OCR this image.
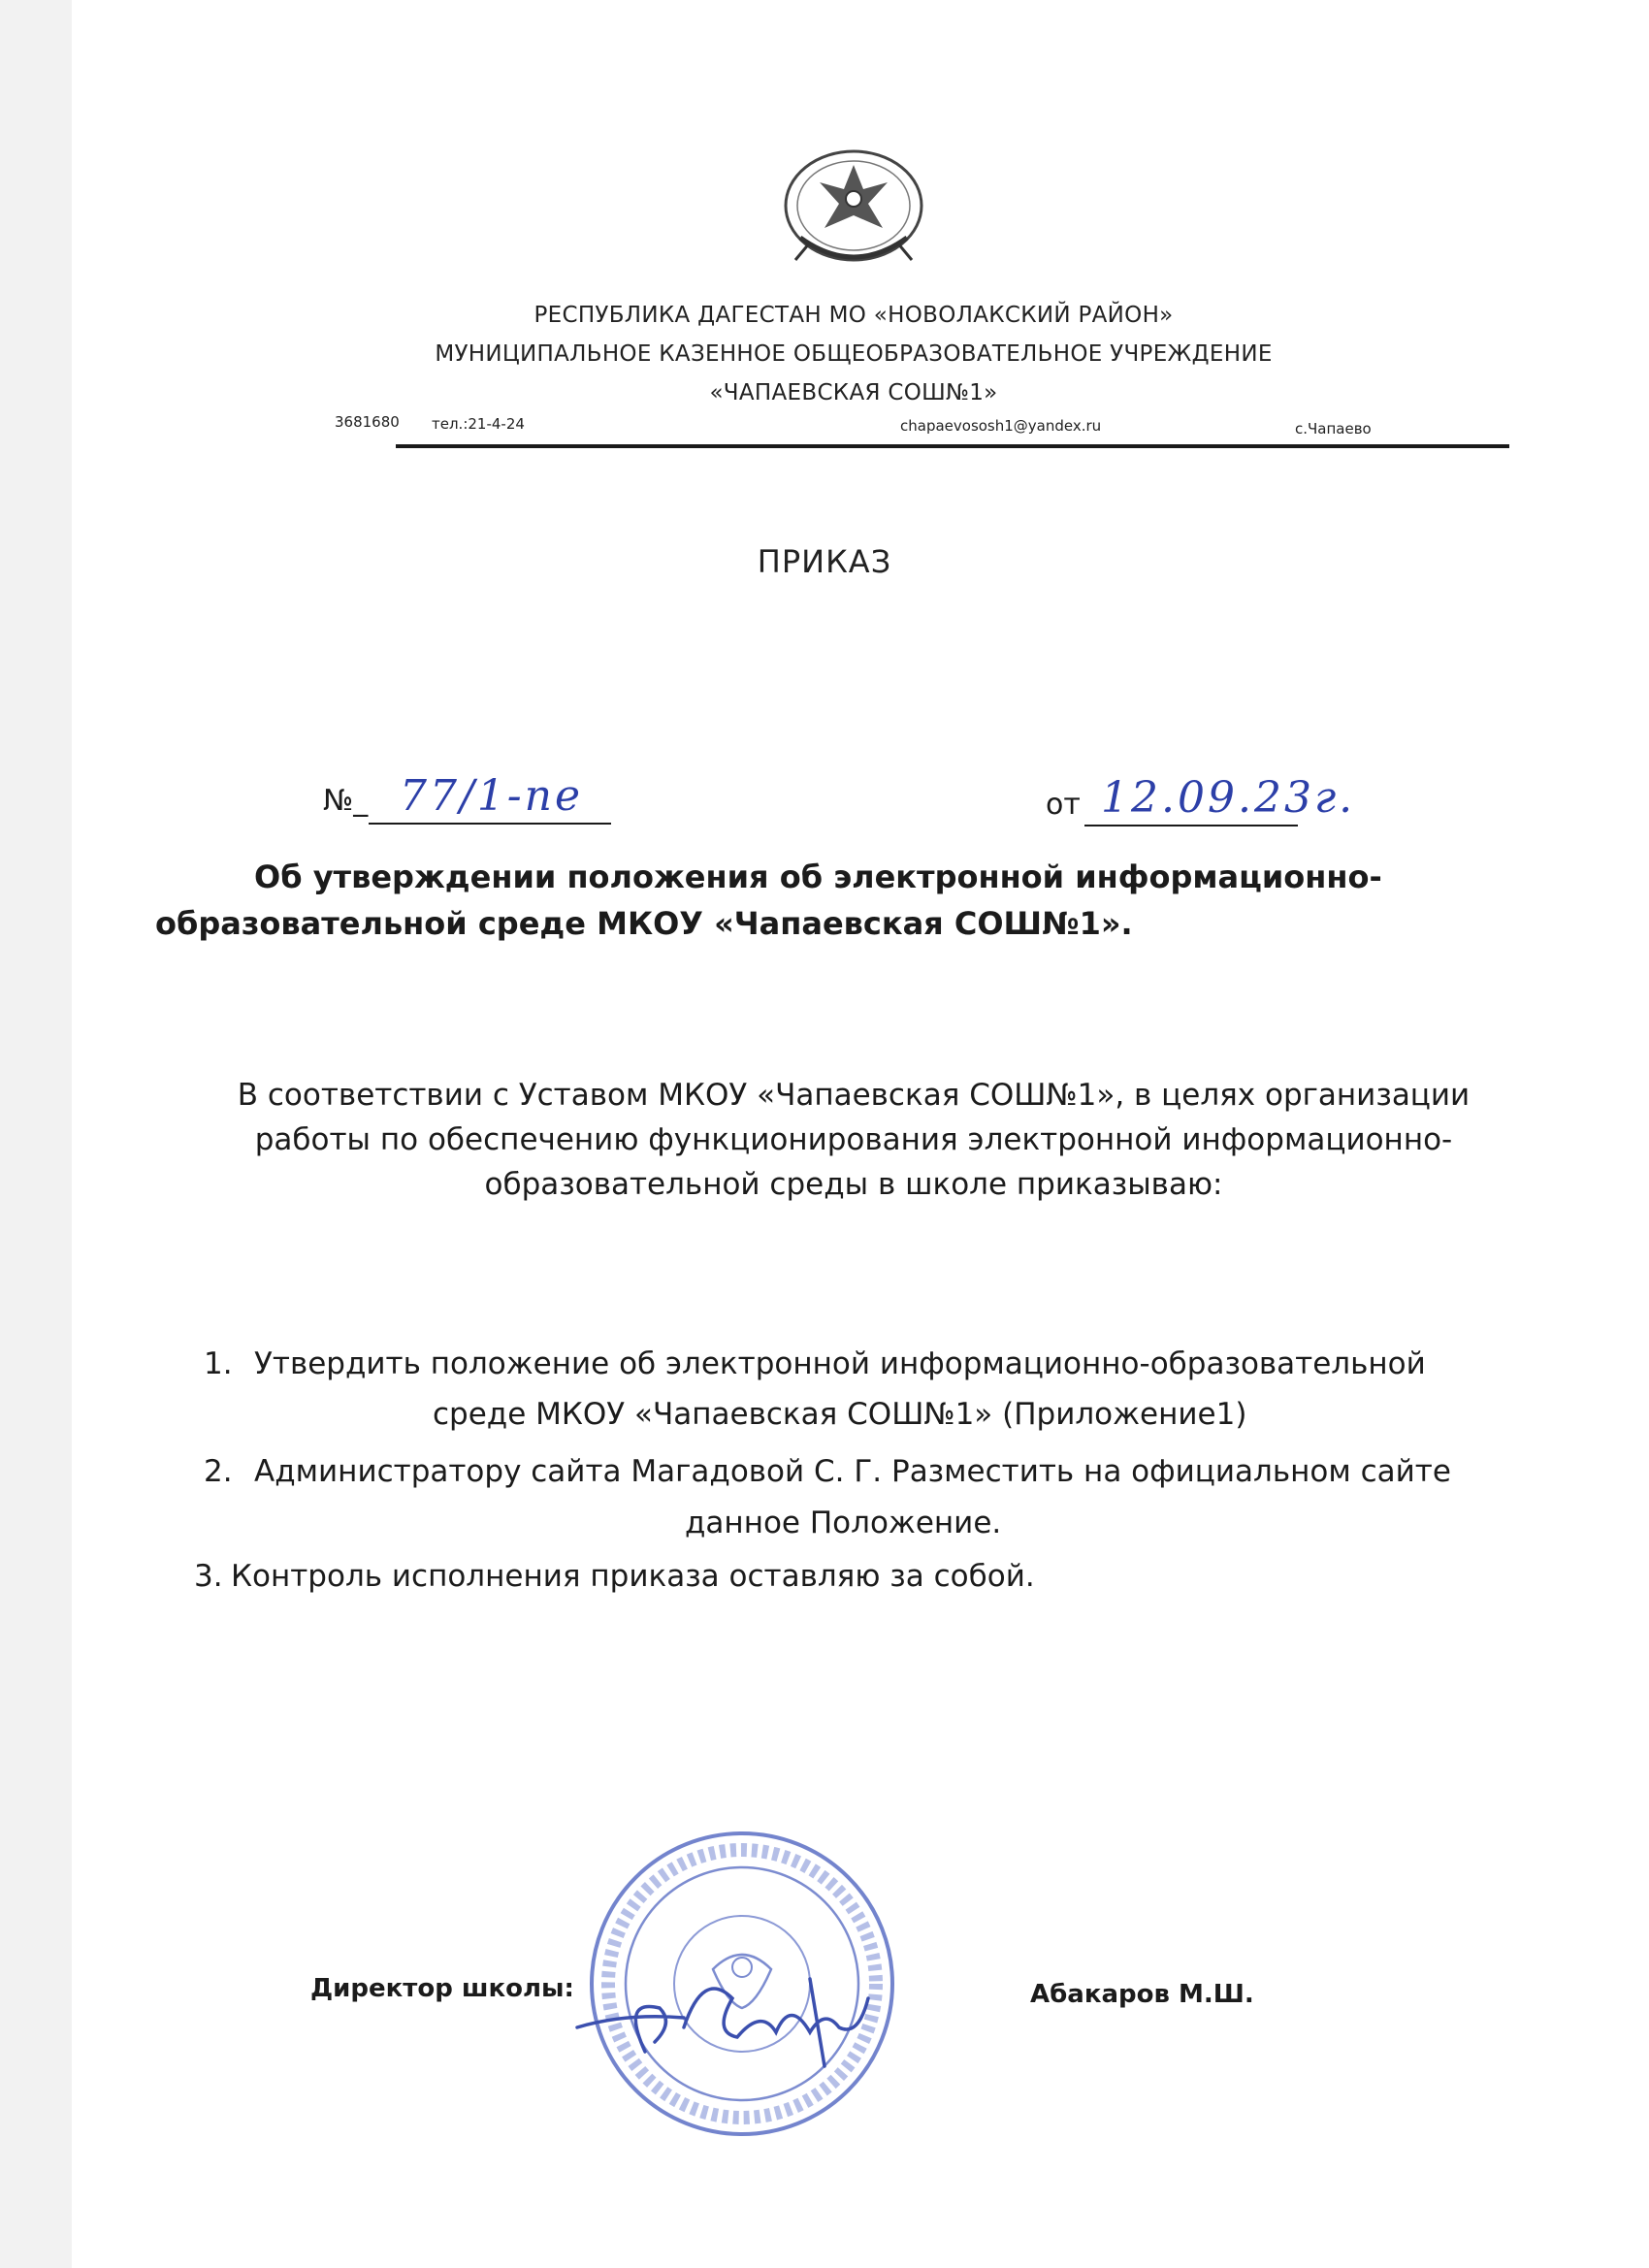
РЕСПУБЛИКА ДАГЕСТАН МО «НОВОЛАКСКИЙ РАЙОН»
МУНИЦИПАЛЬНОЕ КАЗЕННОЕ ОБЩЕОБРАЗОВАТЕЛЬНОЕ УЧРЕЖДЕНИЕ
«ЧАПАЕВСКАЯ СОШ№1»
3681680 тел.:21-4-24	chapaevososh1@yandex.ru	с.Чапаево
ПРИКАЗ
№_ 77/1-пе	от 12.09.23г.
Об утверждении положения об электронной информационно-
образовательной среде МКОУ «Чапаевская СОШ№1».
В соответствии с Уставом МКОУ «Чапаевская СОШ№1», в целях организации
работы по обеспечению функционирования электронной информационно-
образовательной среды в школе приказываю:
1. Утвердить положение об электронной информационно-образовательной
среде МКОУ «Чапаевская СОШ№1» (Приложение1)
2. Администратору сайта Магадовой С. Г. Разместить на официальном сайте
данное Положение.
3. Контроль исполнения приказа оставляю за собой.
Директор школы:	Абакаров М.Ш.
